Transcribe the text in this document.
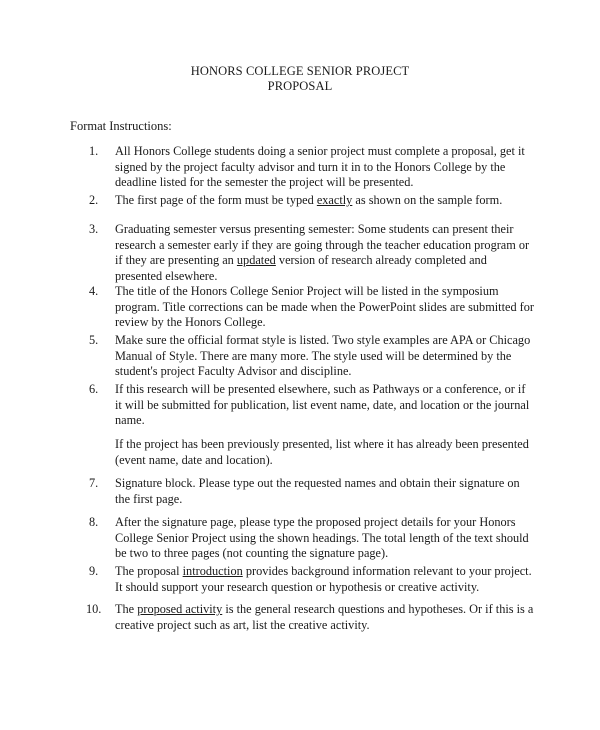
HONORS COLLEGE SENIOR PROJECT
PROPOSAL
Format Instructions:
1. All Honors College students doing a senior project must complete a proposal, get it signed by the project faculty advisor and turn it in to the Honors College by the deadline listed for the semester the project will be presented.
2. The first page of the form must be typed exactly as shown on the sample form.
3. Graduating semester versus presenting semester: Some students can present their research a semester early if they are going through the teacher education program or if they are presenting an updated version of research already completed and presented elsewhere.
4. The title of the Honors College Senior Project will be listed in the symposium program. Title corrections can be made when the PowerPoint slides are submitted for review by the Honors College.
5. Make sure the official format style is listed. Two style examples are APA or Chicago Manual of Style. There are many more. The style used will be determined by the student's project Faculty Advisor and discipline.
6. If this research will be presented elsewhere, such as Pathways or a conference, or if it will be submitted for publication, list event name, date, and location or the journal name.
If the project has been previously presented, list where it has already been presented (event name, date and location).
7. Signature block. Please type out the requested names and obtain their signature on the first page.
8. After the signature page, please type the proposed project details for your Honors College Senior Project using the shown headings. The total length of the text should be two to three pages (not counting the signature page).
9. The proposal introduction provides background information relevant to your project. It should support your research question or hypothesis or creative activity.
10. The proposed activity is the general research questions and hypotheses. Or if this is a creative project such as art, list the creative activity.
